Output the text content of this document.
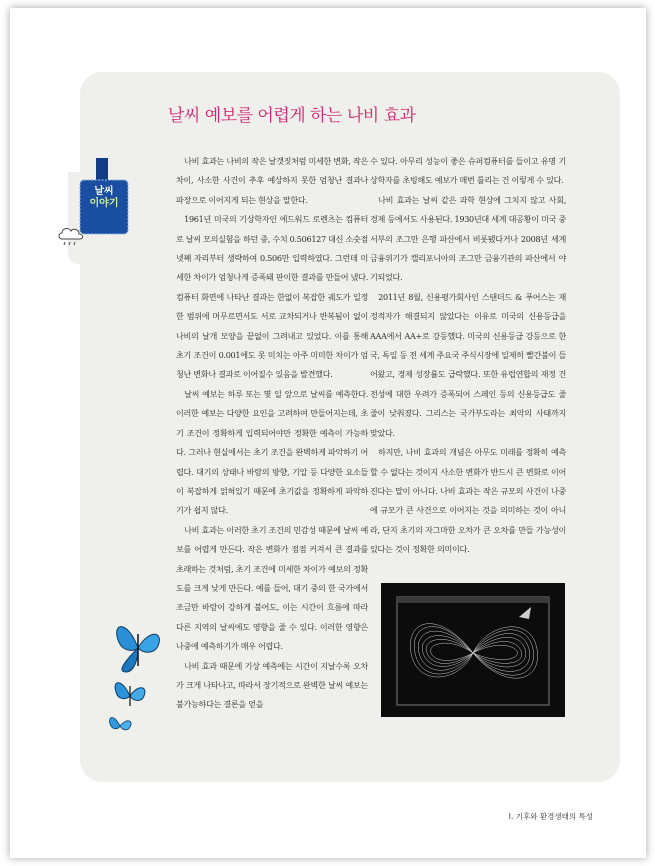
날씨 예보를 어렵게 하는 나비 효과
날씨
이야기

나비 효과는 나비의 작은 날갯짓처럼 미세한 변화, 작은 차이, 사소한 사건이 추후 예상하지 못한 엄청난 결과나 파장으로 이어지게 되는 현상을 말한다.

1961년 미국의 기상학자인 에드워드 로렌츠는 컴퓨터로 날씨 모의실험을 하던 중, 수치 0.506127 대신 소숫점 넷째 자리부터 생략하여 0.506만 입력하였다. 그런데 미세한 차이가 엄청나게 증폭돼 판이한 결과를 만들어 냈다. 컴퓨터 화면에 나타난 결과는 한없이 복잡한 궤도가 일정한 범위에 머무르면서도 서로 교차되거나 반복됨이 없이 나비의 날개 모양을 끝없이 그려내고 있었다. 이를 통해 초기 조건이 0.001에도 못 미치는 아주 미미한 차이가 엄청난 변화나 결과로 이어질수 있음을 발견했다.

날씨 예보는 하루 또는 몇 일 앞으로 날씨를 예측한다. 이러한 예보는 다양한 요인을 고려하여 만들어지는데, 초기 조건이 정확하게 입력되어야만 정확한 예측이 가능하다. 그러나 현실에서는 초기 조건을 완벽하게 파악하기 어렵다. 대기의 상태나 바람의 방향, 기압 등 다양한 요소들이 복잡하게 얽혀있기 때문에 초기값을 정확하게 파악하기가 쉽지 않다.

나비 효과는 이러한 초기 조건의 민감성 때문에 날씨 예보를 어렵게 만든다. 작은 변화가 점점 커져서 큰 결과를 초래하는 것처럼, 초기 조건에 미세한 차이가 예보의 정확도를 크게 낮게 만든다. 예를 들어, 대기 중의 한 국가에서 조금만 바람이 강하게 불어도, 이는 시간이 흐름에 따라 다른 지역의 날씨에도 영향을 줄 수 있다. 이러한 영향은 나중에 예측하기가 매우 어렵다.

나비 효과 때문에 기상 예측에는 시간이 지날수록 오차가 크게 나타나고, 따라서 장기적으로 완벽한 날씨 예보는 불가능하다는 결론을 얻을

수 있다. 아무리 성능이 좋은 슈퍼컴퓨터를 들이고 유명 기상학자를 초빙해도 예보가 매번 틀리는 건 이렇게 수 있다.

나비 효과는 날씨 같은 과학 현상에 그치지 않고 사회, 경제 등에서도 사용된다. 1930년대 세계 대공황이 미국 중서부의 조그만 은행 파산에서 비롯됐다거나 2008년 세계 금융위기가 캘리포니아의 조그만 금융기관의 파산에서 야기되었다.

2011년 8월, 신용평가회사인 스탠더드 & 푸어스는 재정적자가 해결되지 않았다는 이유로 미국의 신용등급을 AAA에서 AA+로 강등했다. 미국의 신용등급 강등으로 한국, 독일 등 전 세계 주요국 주식시장에 일제히 빨간불이 들어왔고, 경제 성장률도 급락했다. 또한 유럽연합의 재정 건전성에 대한 우려가 증폭되어 스페인 등의 신용등급도 줄줄이 낮춰졌다. 그리스는 국가부도라는 최악의 사태까지 맞았다.

하지만, 나비 효과의 개념은 아무도 미래를 정확히 예측할 수 없다는 것이지 사소한 변화가 반드시 큰 변화로 이어진다는 말이 아니다. 나비 효과는 작은 규모의 사건이 나중에 규모가 큰 사건으로 이어지는 것을 의미하는 것이 아니라, 단지 초기의 자그마한 오차가 큰 오차를 만들 가능성이 있다는 것이 정확한 의미이다.

I. 기후와 환경생태의 특성
